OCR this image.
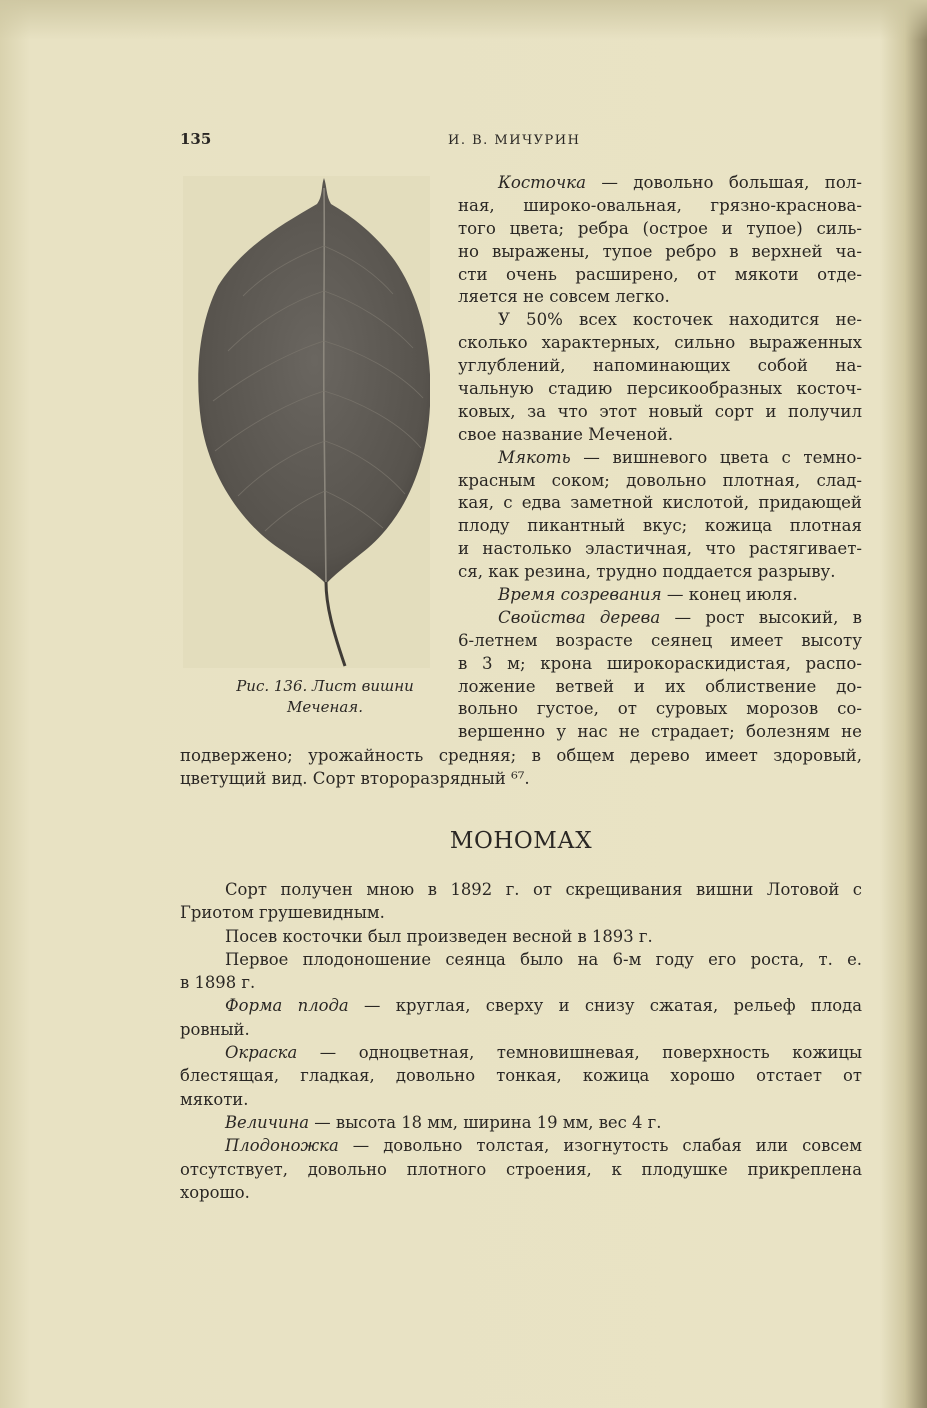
135	И. В. МИЧУРИН
Рис. 136. Лист вишни
Меченая.
Косточка — довольно большая, пол-
ная, широко-овальная, грязно-краснова-
того цвета; ребра (острое и тупое) силь-
но выражены, тупое ребро в верхней ча-
сти очень расширено, от мякоти отде-
ляется не совсем легко.
У 50% всех косточек находится не-
сколько характерных, сильно выраженных
углублений, напоминающих собой на-
чальную стадию персикообразных косточ-
ковых, за что этот новый сорт и получил
свое название Меченой.
Мякоть — вишневого цвета с темно-
красным соком; довольно плотная, слад-
кая, с едва заметной кислотой, придающей
плоду пикантный вкус; кожица плотная
и настолько эластичная, что растягивает-
ся, как резина, трудно поддается разрыву.
Время созревания — конец июля.
Свойства дерева — рост высокий, в
6-летнем возрасте сеянец имеет высоту
в 3 м; крона широкораскидистая, распо-
ложение ветвей и их облиствение до-
вольно густое, от суровых морозов со-
вершенно у нас не страдает; болезням не
подвержено; урожайность средняя; в общем дерево имеет здоровый,
цветущий вид. Сорт второразрядный ⁶⁷.
МОНОМАХ
Сорт получен мною в 1892 г. от скрещивания вишни Лотовой с
Гриотом грушевидным.
Посев косточки был произведен весной в 1893 г.
Первое плодоношение сеянца было на 6-м году его роста, т. е.
в 1898 г.
Форма плода — круглая, сверху и снизу сжатая, рельеф плода
ровный.
Окраска — одноцветная, темновишневая, поверхность кожицы
блестящая, гладкая, довольно тонкая, кожица хорошо отстает от
мякоти.
Величина — высота 18 мм, ширина 19 мм, вес 4 г.
Плодоножка — довольно толстая, изогнутость слабая или совсем
отсутствует, довольно плотного строения, к плодушке прикреплена
хорошо.
